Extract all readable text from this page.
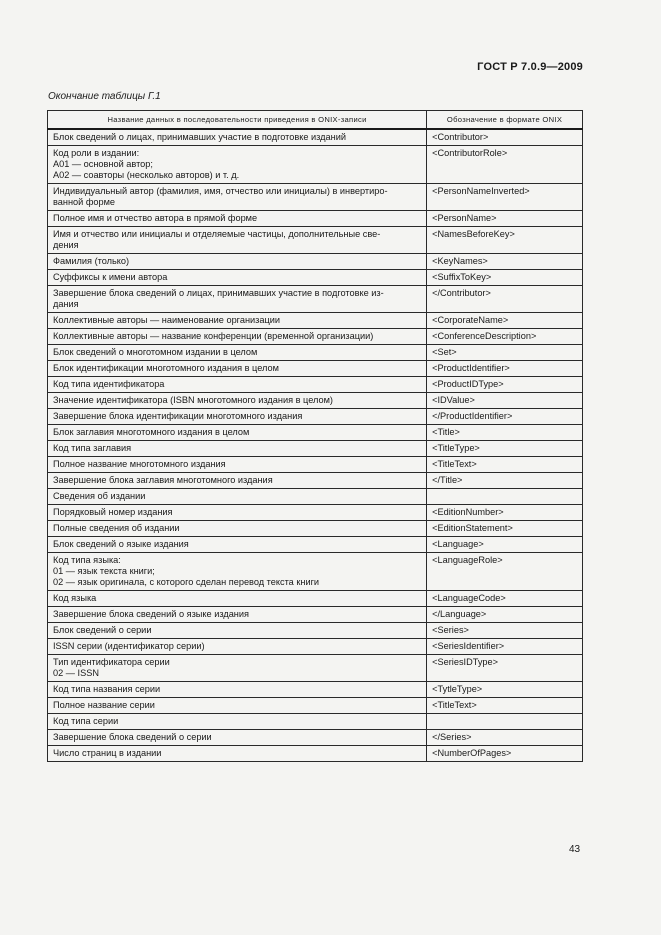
ГОСТ Р 7.0.9—2009
Окончание таблицы Г.1
Название данных в последовательности приведения в ONIX-записи	Обозначение в формате ONIX
Блок сведений о лицах, принимавших участие в подготовке изданий	<Contributor>
Код роли в издании:
А01 — основной автор;
А02 — соавторы (несколько авторов) и т. д.	<ContributorRole>
Индивидуальный автор (фамилия, имя, отчество или инициалы) в инвертиро-
ванной форме	<PersonNameInverted>
Полное имя и отчество автора в прямой форме	<PersonName>
Имя и отчество или инициалы и отделяемые частицы, дополнительные све-
дения	<NamesBeforeKey>
Фамилия (только)	<KeyNames>
Суффиксы к имени автора	<SuffixToKey>
Завершение блока сведений о лицах, принимавших участие в подготовке из-
дания	</Contributor>
Коллективные авторы — наименование организации	<CorporateName>
Коллективные авторы — название конференции (временной организации)	<ConferenceDescription>
Блок сведений о многотомном издании в целом	<Set>
Блок идентификации многотомного издания в целом	<ProductIdentifier>
Код типа идентификатора	<ProductIDType>
Значение идентификатора (ISBN многотомного издания в целом)	<IDValue>
Завершение блока идентификации многотомного издания	</ProductIdentifier>
Блок заглавия многотомного издания в целом	<Title>
Код типа заглавия	<TitleType>
Полное название многотомного издания	<TitleText>
Завершение блока заглавия многотомного издания	</Title>
Сведения об издании	
Порядковый номер издания	<EditionNumber>
Полные сведения об издании	<EditionStatement>
Блок сведений о языке издания	<Language>
Код типа языка:
01 — язык текста книги;
02 — язык оригинала, с которого сделан перевод текста книги	<LanguageRole>
Код языка	<LanguageCode>
Завершение блока сведений о языке издания	</Language>
Блок сведений о серии	<Series>
ISSN серии (идентификатор серии)	<SeriesIdentifier>
Тип идентификатора серии
02 — ISSN	<SeriesIDType>
Код типа названия серии	<TytleType>
Полное название серии	<TitleText>
Код типа серии	
Завершение блока сведений о серии	</Series>
Число страниц в издании	<NumberOfPages>
43
